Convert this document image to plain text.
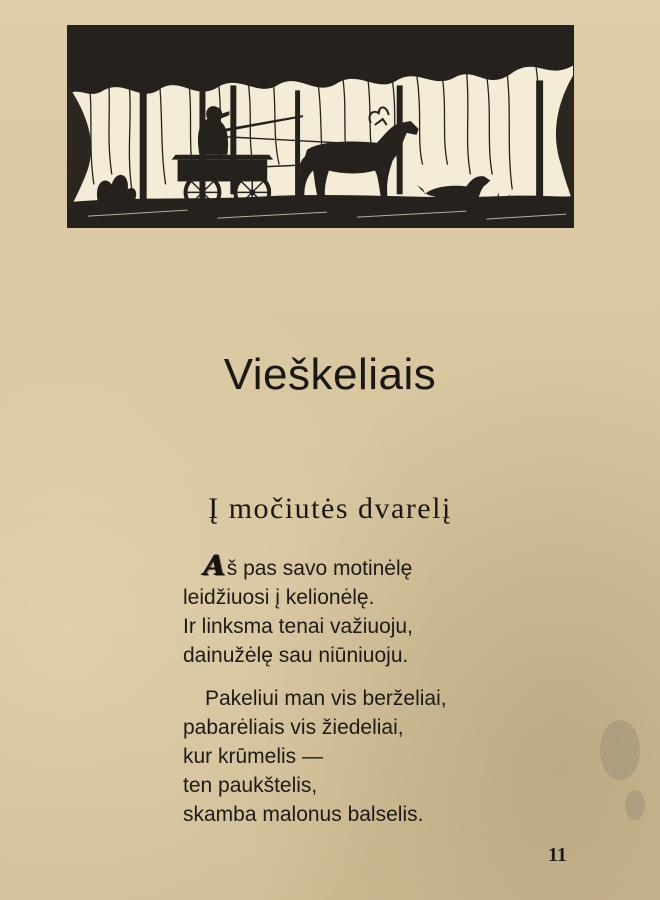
Vieškeliais
Į močiutės dvarelį
Aš pas savo motinėlę
leidžiuosi į kelionėlę.
Ir linksma tenai važiuoju,
dainužėlę sau niūniuoju.
Pakeliui man vis berželiai,
pabarėliais vis žiedeliai,
kur krūmelis —
ten paukštelis,
skamba malonus balselis.
11
